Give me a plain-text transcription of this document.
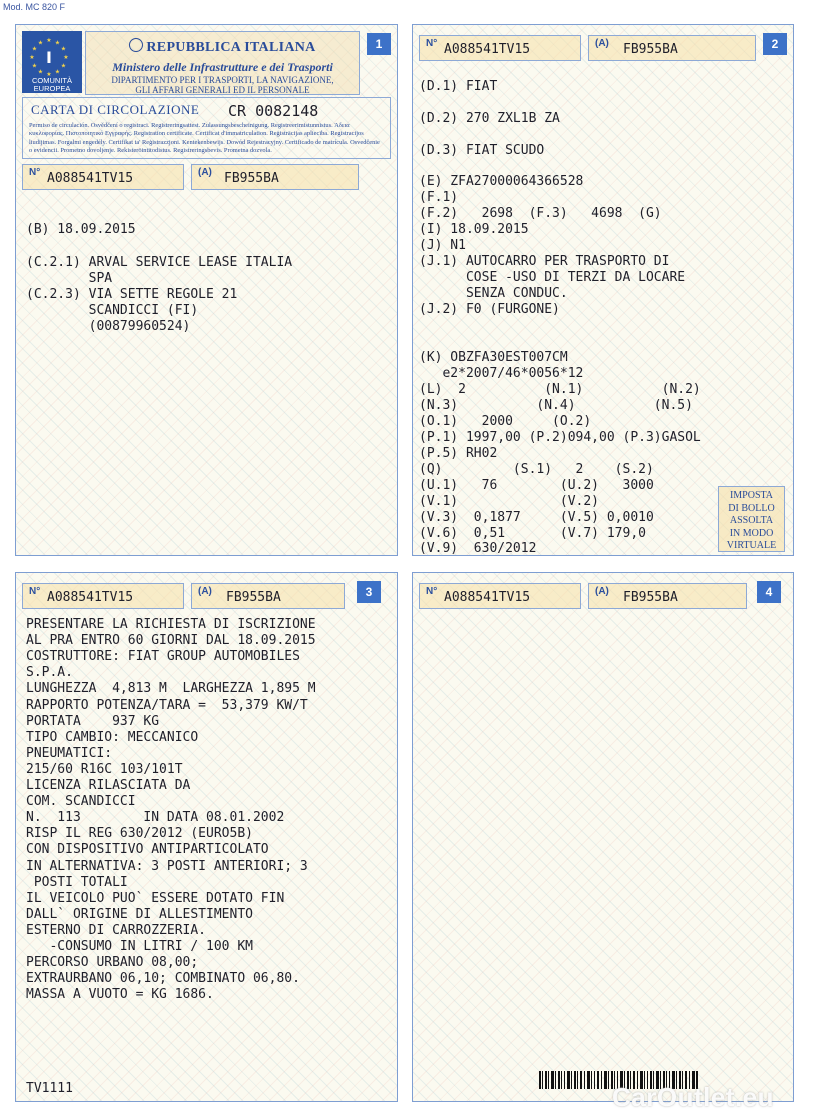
Mod. MC 820 F
★ ★
★
★
★
★
★
★
★
★
★
★
I
COMUNITÀ
EUROPEA
REPUBBLICA ITALIANA
Ministero delle Infrastrutture e dei Trasporti
DIPARTIMENTO PER I TRASPORTI, LA NAVIGAZIONE,
GLI AFFARI GENERALI ED IL PERSONALE
1
CARTA DI CIRCOLAZIONE CR 0082148
Permiso de circulación. Osvědčení o registraci. Registreringsattest. Zulassungsbescheinigung. Registreerimistunnistus. Άδεια κυκλοφορίας. Πιστοποιητικό Εγγραφής. Registration certificate. Certificat d'immatriculation. Reģistrācijas apliecība. Registracijos liudijimas. Forgalmi engedély. Certifikat ta' Reģistrazzjoni. Kentekenbewijs. Dowód Rejestracyjny. Certificado de matrícula. Osvedčenie o evidencii. Prometno dovoljenje. Rekisteröintitodistus. Registreringsbevis. Prometna dozvola.
N° A088541TV15	(A) FB955BA
(B) 18.09.2015
(C.2.1) ARVAL SERVICE LEASE ITALIA
SPA
(C.2.3) VIA SETTE REGOLE 21
SCANDICCI (FI)
(00879960524)
N° A088541TV15	(A) FB955BA	2
(D.1) FIAT
(D.2) 270 ZXL1B ZA
(D.3) FIAT SCUDO
(E) ZFA27000064366528
(F.1)
(F.2)   2698  (F.3)   4698  (G)
(I) 18.09.2015
(J) N1
(J.1) AUTOCARRO PER TRASPORTO DI
COSE -USO DI TERZI DA LOCARE
SENZA CONDUC.
(J.2) F0 (FURGONE)
(K) OBZFA30EST007CM
e2*2007/46*0056*12
(L)  2          (N.1)          (N.2)
(N.3)          (N.4)          (N.5)
(O.1)   2000     (O.2)
(P.1) 1997,00 (P.2)094,00 (P.3)GASOL
(P.5) RH02
(Q)         (S.1)   2    (S.2)
(U.1)   76        (U.2)   3000
(V.1)             (V.2)
(V.3)  0,1877     (V.5) 0,0010
(V.6)  0,51       (V.7) 179,0
(V.9)  630/2012
IMPOSTA
DI BOLLO
ASSOLTA
IN MODO
VIRTUALE
N° A088541TV15	(A) FB955BA	3
PRESENTARE LA RICHIESTA DI ISCRIZIONE
AL PRA ENTRO 60 GIORNI DAL 18.09.2015
COSTRUTTORE: FIAT GROUP AUTOMOBILES
S.P.A.
LUNGHEZZA  4,813 M  LARGHEZZA 1,895 M
RAPPORTO POTENZA/TARA =  53,379 KW/T
PORTATA    937 KG
TIPO CAMBIO: MECCANICO
PNEUMATICI:
215/60 R16C 103/101T
LICENZA RILASCIATA DA
COM. SCANDICCI
N.  113        IN DATA 08.01.2002
RISP IL REG 630/2012 (EURO5B)
CON DISPOSITIVO ANTIPARTICOLATO
IN ALTERNATIVA: 3 POSTI ANTERIORI; 3
POSTI TOTALI
IL VEICOLO PUO` ESSERE DOTATO FIN
DALL` ORIGINE DI ALLESTIMENTO
ESTERNO DI CARROZZERIA.
-CONSUMO IN LITRI / 100 KM
PERCORSO URBANO 08,00;
EXTRAURBANO 06,10; COMBINATO 06,80.
MASSA A VUOTO = KG 1686.
TV1111
N° A088541TV15	(A) FB955BA	4
CarOutlet.eu
